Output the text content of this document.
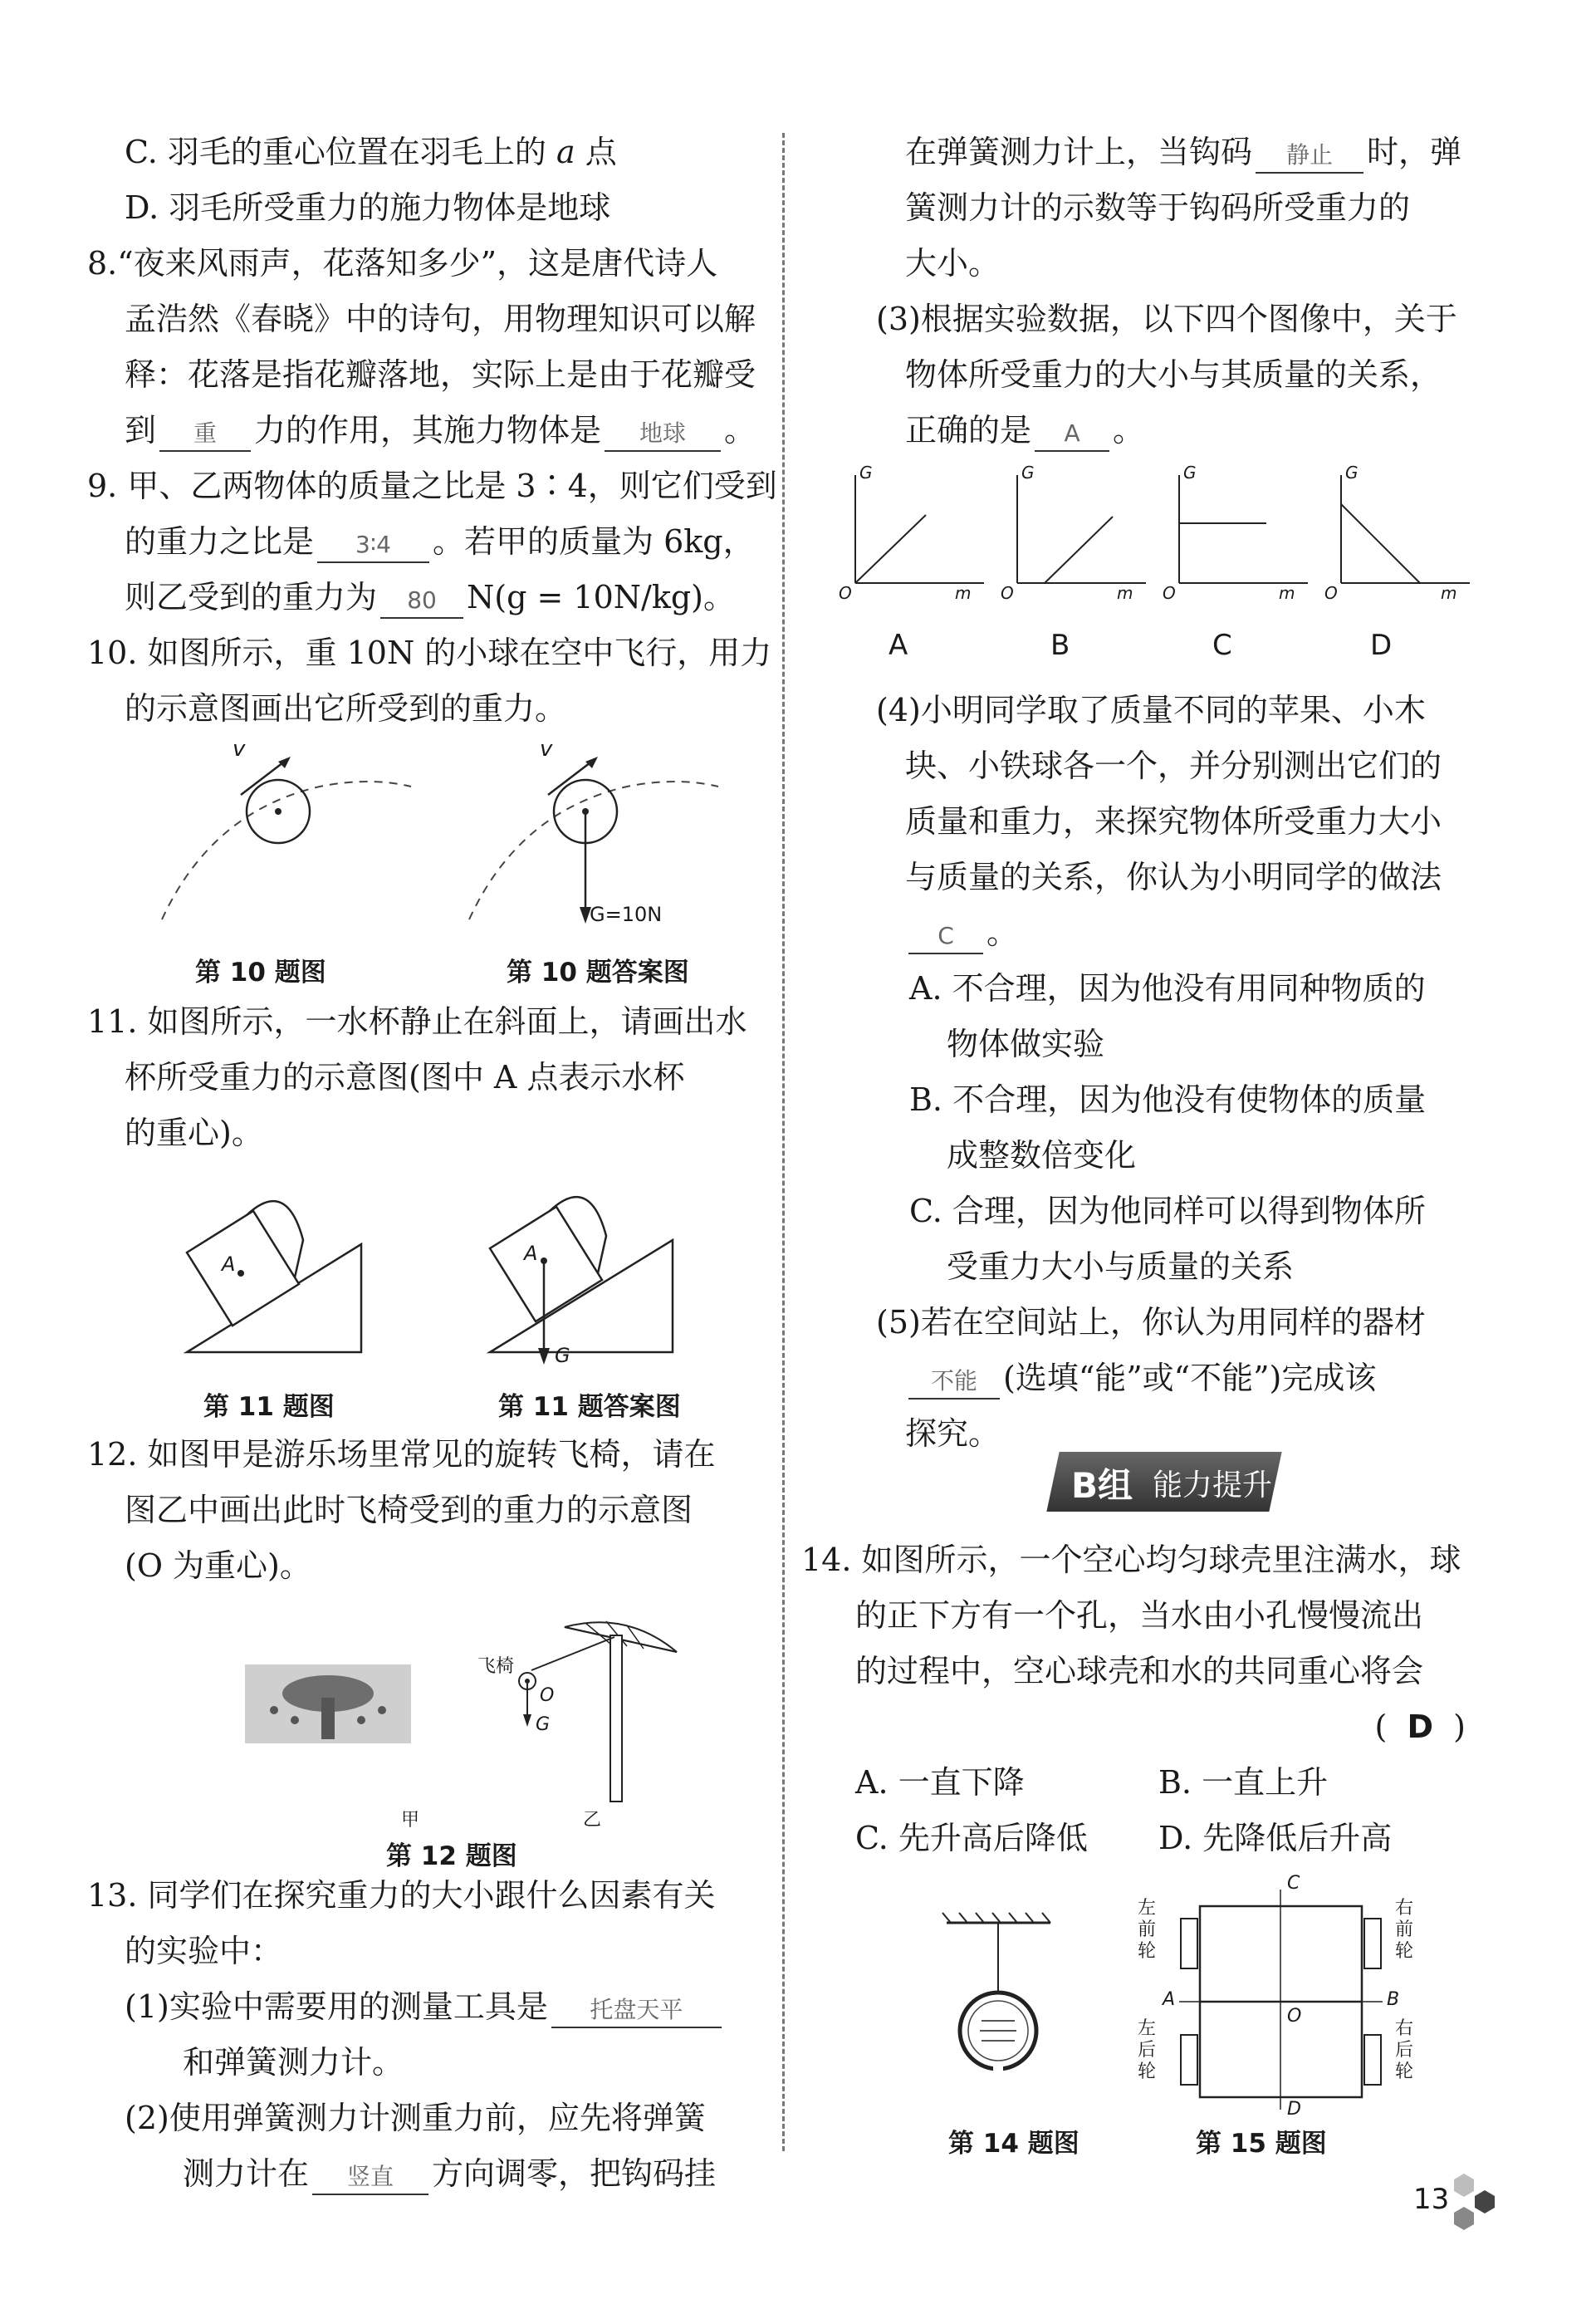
C. 羽毛的重心位置在羽毛上的 a 点
D. 羽毛所受重力的施力物体是地球
8.“夜来风雨声，花落知多少”，这是唐代诗人
孟浩然《春晓》中的诗句，用物理知识可以解
释：花落是指花瓣落地，实际上是由于花瓣受
到 重 力的作用，其施力物体是 地球 。
9. 甲、乙两物体的质量之比是 3∶4，则它们受到
的重力之比是 3∶4 。若甲的质量为 6kg，
则乙受到的重力为 80 N(g = 10N/kg)。
10. 如图所示，重 10N 的小球在空中飞行，用力
的示意图画出它所受到的重力。
v	v
G=10N
第 10 题图	第 10 题答案图
11. 如图所示，一水杯静止在斜面上，请画出水
杯所受重力的示意图(图中 A 点表示水杯
的重心)。
A	A
G
第 11 题图	第 11 题答案图
12. 如图甲是游乐场里常见的旋转飞椅，请在
图乙中画出此时飞椅受到的重力的示意图
(O 为重心)。
甲	乙
飞椅
O
G
第 12 题图
13. 同学们在探究重力的大小跟什么因素有关
的实验中：
(1)实验中需要用的测量工具是 托盘天平
和弹簧测力计。
(2)使用弹簧测力计测重力前，应先将弹簧
测力计在 竖直 方向调零，把钩码挂
在弹簧测力计上，当钩码 静止 时，弹
簧测力计的示数等于钩码所受重力的
大小。
(3)根据实验数据，以下四个图像中，关于
物体所受重力的大小与其质量的关系，
正确的是 A 。
G	G	G	G
O	O	O	O
m	m	m	m
A	B	C	D
(4)小明同学取了质量不同的苹果、小木
块、小铁球各一个，并分别测出它们的
质量和重力，来探究物体所受重力大小
与质量的关系，你认为小明同学的做法
C 。
A. 不合理，因为他没有用同种物质的
物体做实验
B. 不合理，因为他没有使物体的质量
成整数倍变化
C. 合理，因为他同样可以得到物体所
受重力大小与质量的关系
(5)若在空间站上，你认为用同样的器材
不能 (选填“能”或“不能”)完成该
探究。
B组 能力提升
14. 如图所示，一个空心均匀球壳里注满水，球
的正下方有一个孔，当水由小孔慢慢流出
的过程中，空心球壳和水的共同重心将会
( D )
A. 一直下降	B. 一直上升
C. 先升高后降低 D. 先降低后升高
左前轮
右前轮
左后轮
右后轮
A	B
C
D
O
第 14 题图	第 15 题图
13
